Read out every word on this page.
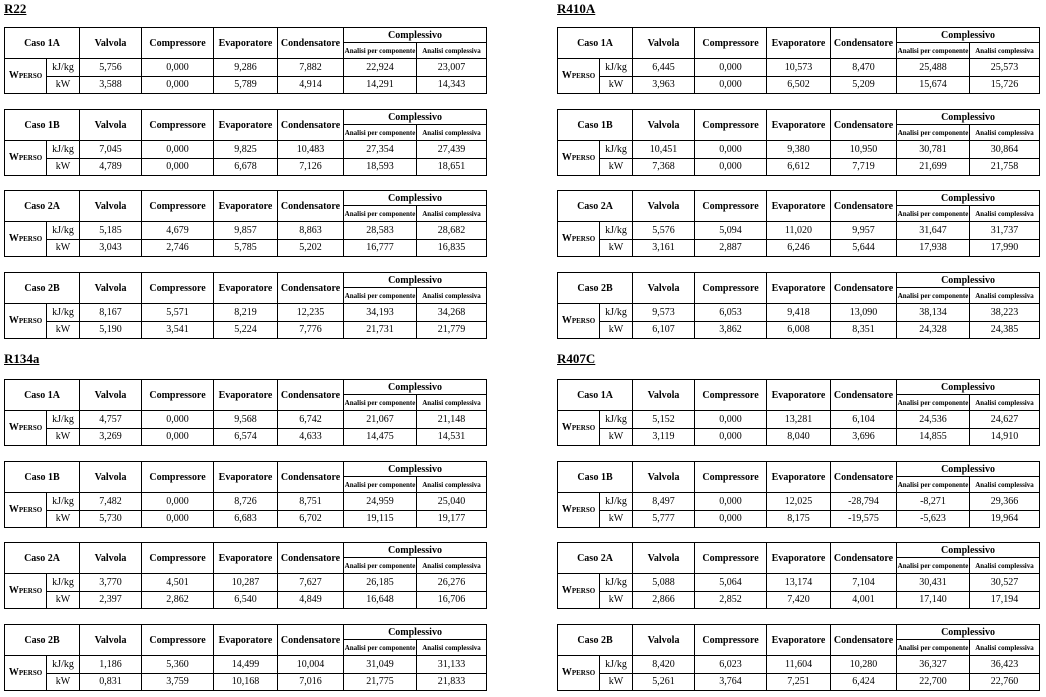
R22
Caso 1A		Valvola	Compressore	Evaporatore	Condensatore	Complessivo	
						Analisi per componente	Analisi complessiva
WPERSO	kJ/kg	5,756	0,000	9,286	7,882	22,924	23,007
	kW	3,588	0,000	5,789	4,914	14,291	14,343
Caso 1B		Valvola	Compressore	Evaporatore	Condensatore	Complessivo	
						Analisi per componente	Analisi complessiva
WPERSO	kJ/kg	7,045	0,000	9,825	10,483	27,354	27,439
	kW	4,789	0,000	6,678	7,126	18,593	18,651
Caso 2A		Valvola	Compressore	Evaporatore	Condensatore	Complessivo	
						Analisi per componente	Analisi complessiva
WPERSO	kJ/kg	5,185	4,679	9,857	8,863	28,583	28,682
	kW	3,043	2,746	5,785	5,202	16,777	16,835
Caso 2B		Valvola	Compressore	Evaporatore	Condensatore	Complessivo	
						Analisi per componente	Analisi complessiva
WPERSO	kJ/kg	8,167	5,571	8,219	12,235	34,193	34,268
	kW	5,190	3,541	5,224	7,776	21,731	21,779
R410A
Caso 1A		Valvola	Compressore	Evaporatore	Condensatore	Complessivo	
						Analisi per componente	Analisi complessiva
WPERSO	kJ/kg	6,445	0,000	10,573	8,470	25,488	25,573
	kW	3,963	0,000	6,502	5,209	15,674	15,726
Caso 1B		Valvola	Compressore	Evaporatore	Condensatore	Complessivo	
						Analisi per componente	Analisi complessiva
WPERSO	kJ/kg	10,451	0,000	9,380	10,950	30,781	30,864
	kW	7,368	0,000	6,612	7,719	21,699	21,758
Caso 2A		Valvola	Compressore	Evaporatore	Condensatore	Complessivo	
						Analisi per componente	Analisi complessiva
WPERSO	kJ/kg	5,576	5,094	11,020	9,957	31,647	31,737
	kW	3,161	2,887	6,246	5,644	17,938	17,990
Caso 2B		Valvola	Compressore	Evaporatore	Condensatore	Complessivo	
						Analisi per componente	Analisi complessiva
WPERSO	kJ/kg	9,573	6,053	9,418	13,090	38,134	38,223
	kW	6,107	3,862	6,008	8,351	24,328	24,385
R134a
Caso 1A		Valvola	Compressore	Evaporatore	Condensatore	Complessivo	
						Analisi per componente	Analisi complessiva
WPERSO	kJ/kg	4,757	0,000	9,568	6,742	21,067	21,148
	kW	3,269	0,000	6,574	4,633	14,475	14,531
Caso 1B		Valvola	Compressore	Evaporatore	Condensatore	Complessivo	
						Analisi per componente	Analisi complessiva
WPERSO	kJ/kg	7,482	0,000	8,726	8,751	24,959	25,040
	kW	5,730	0,000	6,683	6,702	19,115	19,177
Caso 2A		Valvola	Compressore	Evaporatore	Condensatore	Complessivo	
						Analisi per componente	Analisi complessiva
WPERSO	kJ/kg	3,770	4,501	10,287	7,627	26,185	26,276
	kW	2,397	2,862	6,540	4,849	16,648	16,706
Caso 2B		Valvola	Compressore	Evaporatore	Condensatore	Complessivo	
						Analisi per componente	Analisi complessiva
WPERSO	kJ/kg	1,186	5,360	14,499	10,004	31,049	31,133
	kW	0,831	3,759	10,168	7,016	21,775	21,833
R407C
Caso 1A		Valvola	Compressore	Evaporatore	Condensatore	Complessivo	
						Analisi per componente	Analisi complessiva
WPERSO	kJ/kg	5,152	0,000	13,281	6,104	24,536	24,627
	kW	3,119	0,000	8,040	3,696	14,855	14,910
Caso 1B		Valvola	Compressore	Evaporatore	Condensatore	Complessivo	
						Analisi per componente	Analisi complessiva
WPERSO	kJ/kg	8,497	0,000	12,025	-28,794	-8,271	29,366
	kW	5,777	0,000	8,175	-19,575	-5,623	19,964
Caso 2A		Valvola	Compressore	Evaporatore	Condensatore	Complessivo	
						Analisi per componente	Analisi complessiva
WPERSO	kJ/kg	5,088	5,064	13,174	7,104	30,431	30,527
	kW	2,866	2,852	7,420	4,001	17,140	17,194
Caso 2B		Valvola	Compressore	Evaporatore	Condensatore	Complessivo	
						Analisi per componente	Analisi complessiva
WPERSO	kJ/kg	8,420	6,023	11,604	10,280	36,327	36,423
	kW	5,261	3,764	7,251	6,424	22,700	22,760
